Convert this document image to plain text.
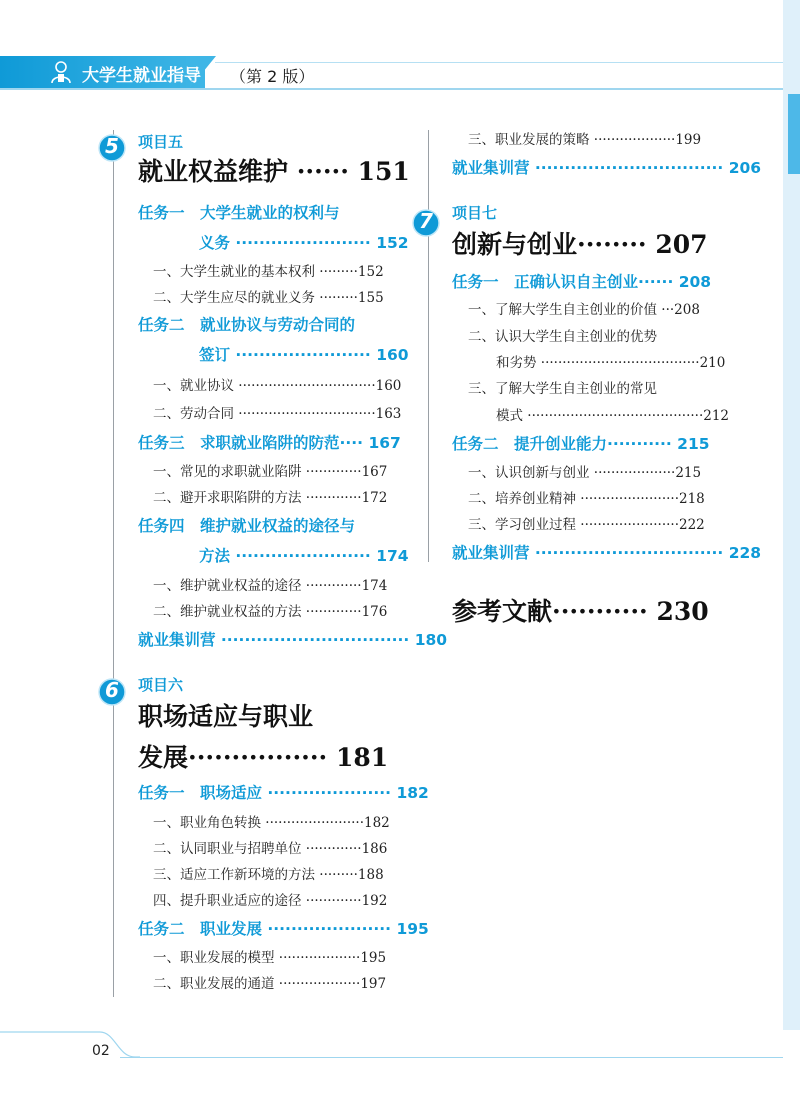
大学生就业指导 （第 2 版）
5	项目五
就业权益维护 ······ 151
任务一　大学生就业的权利与
义务 ······················· 152
一、大学生就业的基本权利 ·········152
二、大学生应尽的就业义务 ·········155
任务二　就业协议与劳动合同的
签订 ······················· 160
一、就业协议 ································160
二、劳动合同 ································163
任务三　求职就业陷阱的防范···· 167
一、常见的求职就业陷阱 ·············167
二、避开求职陷阱的方法 ·············172
任务四　维护就业权益的途径与
方法 ······················· 174
一、维护就业权益的途径 ·············174
二、维护就业权益的方法 ·············176
就业集训营 ································ 180
6	项目六
职场适应与职业
发展················ 181
任务一　职场适应 ····················· 182
一、职业角色转换 ·······················182
二、认同职业与招聘单位 ·············186
三、适应工作新环境的方法 ·········188
四、提升职业适应的途径 ·············192
任务二　职业发展 ····················· 195
一、职业发展的模型 ···················195
二、职业发展的通道 ···················197
三、职业发展的策略 ···················199
就业集训营 ································ 206
7	项目七
创新与创业········ 207
任务一　正确认识自主创业······ 208
一、了解大学生自主创业的价值 ···208
二、认识大学生自主创业的优势
和劣势 ·····································210
三、了解大学生自主创业的常见
模式 ·········································212
任务二　提升创业能力··········· 215
一、认识创新与创业 ···················215
二、培养创业精神 ·······················218
三、学习创业过程 ·······················222
就业集训营 ································ 228
参考文献··········· 230
02
